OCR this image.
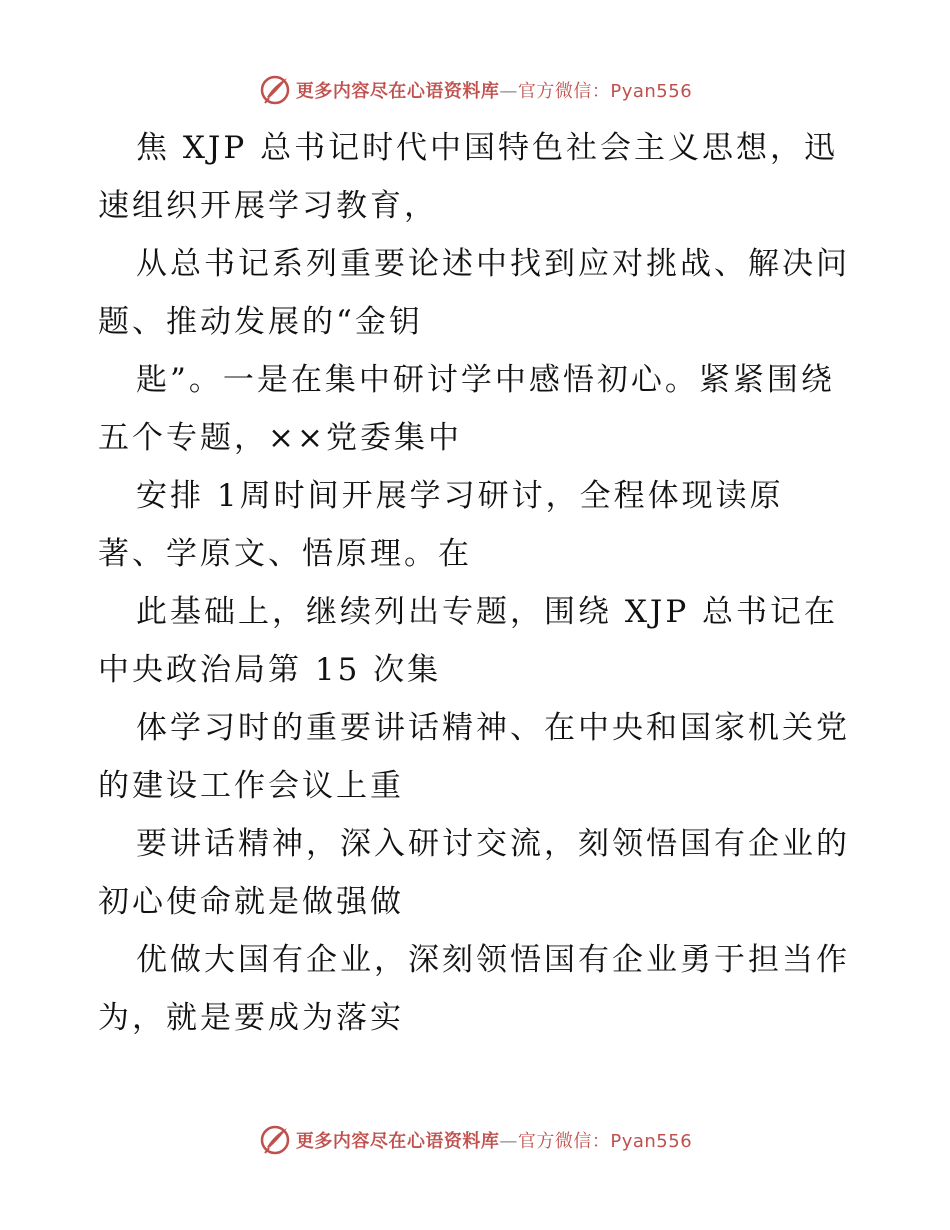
更多内容尽在心语资料库—官方微信：Pyan556
焦 XJP 总书记时代中国特色社会主义思想，迅
速组织开展学习教育，
从总书记系列重要论述中找到应对挑战、解决问
题、推动发展的“金钥
匙”。一是在集中研讨学中感悟初心。紧紧围绕
五个专题，××党委集中
安排 1周时间开展学习研讨，全程体现读原
著、学原文、悟原理。在
此基础上，继续列出专题，围绕 XJP 总书记在
中央政治局第 15 次集
体学习时的重要讲话精神、在中央和国家机关党
的建设工作会议上重
要讲话精神，深入研讨交流，刻领悟国有企业的
初心使命就是做强做
优做大国有企业，深刻领悟国有企业勇于担当作
为，就是要成为落实
更多内容尽在心语资料库—官方微信：Pyan556
